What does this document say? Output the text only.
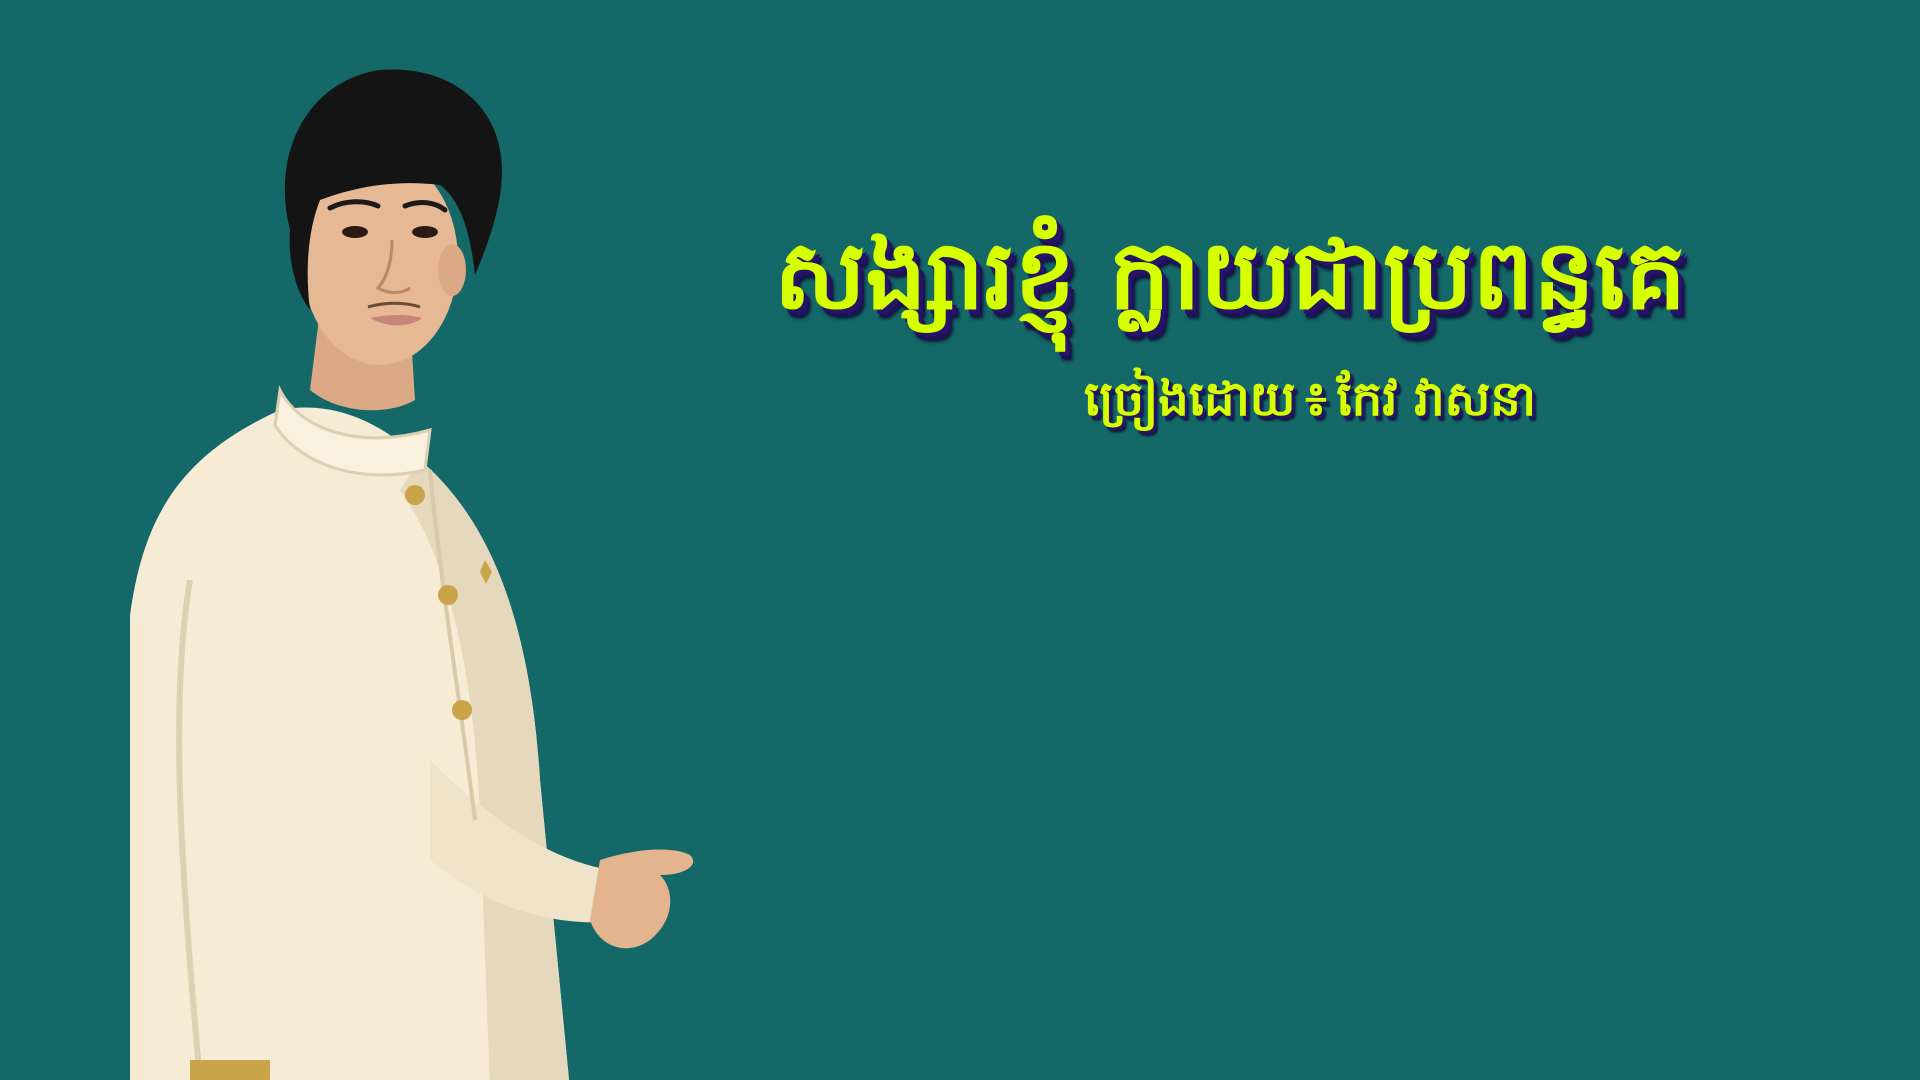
សង្សារខ្ញុំ ក្លាយជាប្រពន្ធគេ
ច្រៀងដោយ ៖ កែវ វាសនា
